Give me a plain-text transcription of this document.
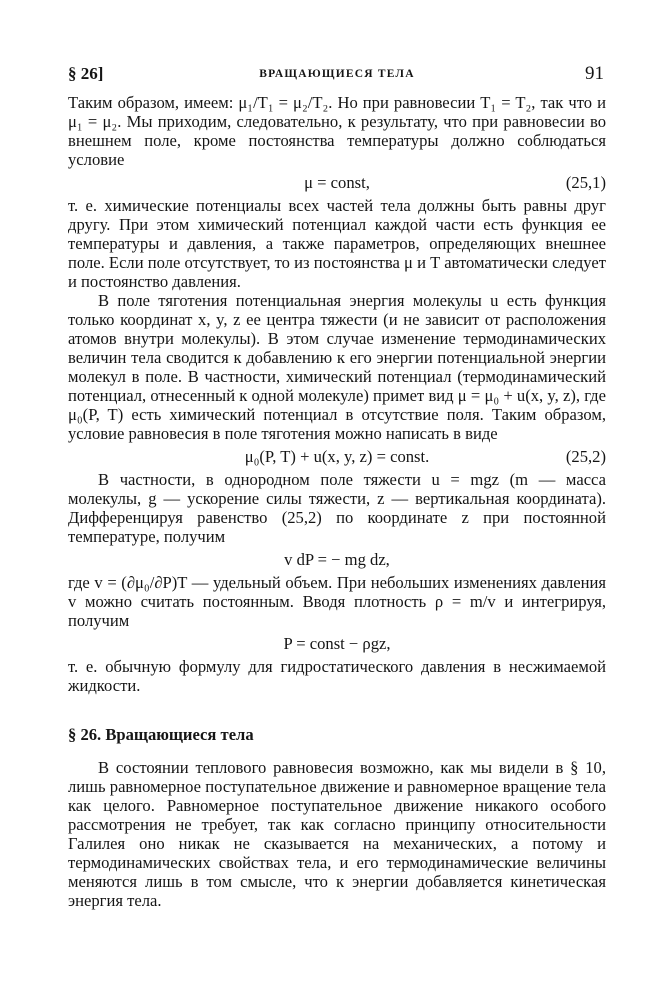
§ 26]	ВРАЩАЮЩИЕСЯ ТЕЛА	91

Таким образом, имеем: μ₁/T₁ = μ₂/T₂. Но при равновесии T₁ = T₂, так что и μ₁ = μ₂. Мы приходим, следовательно, к результату, что при равновесии во внешнем поле, кроме постоянства температуры должно соблюдаться условие

μ = const,	(25,1)

т. е. химические потенциалы всех частей тела должны быть равны друг другу. При этом химический потенциал каждой части есть функция ее температуры и давления, а также параметров, определяющих внешнее поле. Если поле отсутствует, то из постоянства μ и T автоматически следует и постоянство давления.

В поле тяготения потенциальная энергия молекулы u есть функция только координат x, y, z ее центра тяжести (и не зависит от расположения атомов внутри молекулы). В этом случае изменение термодинамических величин тела сводится к добавлению к его энергии потенциальной энергии молекул в поле. В частности, химический потенциал (термодинамический потенциал, отнесенный к одной молекуле) примет вид μ = μ₀ + u(x, y, z), где μ₀(P, T) есть химический потенциал в отсутствие поля. Таким образом, условие равновесия в поле тяготения можно написать в виде

μ₀(P, T) + u(x, y, z) = const.	(25,2)

В частности, в однородном поле тяжести u = mgz (m — масса молекулы, g — ускорение силы тяжести, z — вертикальная координата). Дифференцируя равенство (25,2) по координате z при постоянной температуре, получим

v dP = − mg dz,

где v = (∂μ₀/∂P)T — удельный объем. При небольших изменениях давления v можно считать постоянным. Вводя плотность ρ = m/v и интегрируя, получим

P = const − ρgz,

т. е. обычную формулу для гидростатического давления в несжимаемой жидкости.

§ 26. Вращающиеся тела

В состоянии теплового равновесия возможно, как мы видели в § 10, лишь равномерное поступательное движение и равномерное вращение тела как целого. Равномерное поступательное движение никакого особого рассмотрения не требует, так как согласно принципу относительности Галилея оно никак не сказывается на механических, а потому и термодинамических свойствах тела, и его термодинамические величины меняются лишь в том смысле, что к энергии добавляется кинетическая энергия тела.
